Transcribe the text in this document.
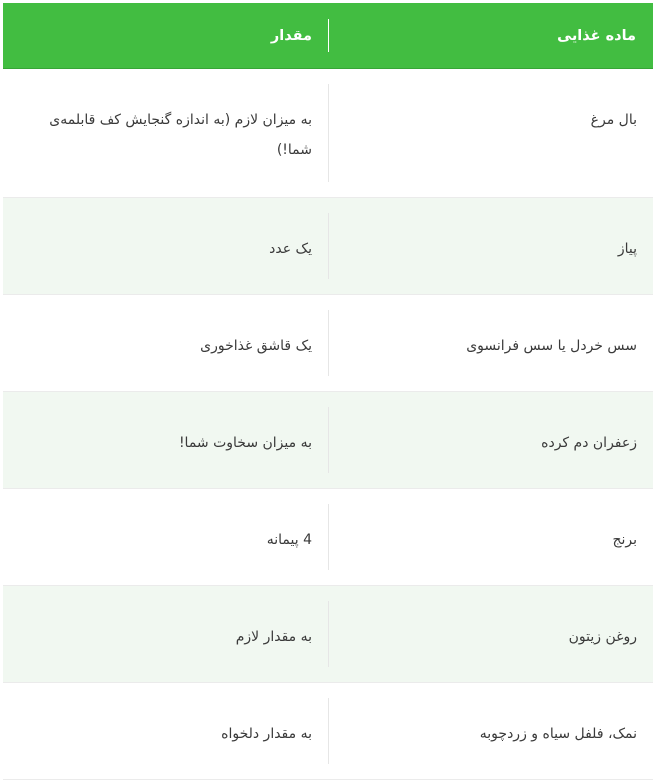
ماده غذایی
مقدار
بال مرغ
به میزان لازم (به اندازه گنجایش کف قابلمه‌ی شما!)
پیاز
یک عدد
سس خردل یا سس فرانسوی
یک قاشق غذاخوری
زعفران دم کرده
به میزان سخاوت شما!
برنج
4 پیمانه
روغن زیتون
به مقدار لازم
نمک، فلفل سیاه و زردچوبه
به مقدار دلخواه
